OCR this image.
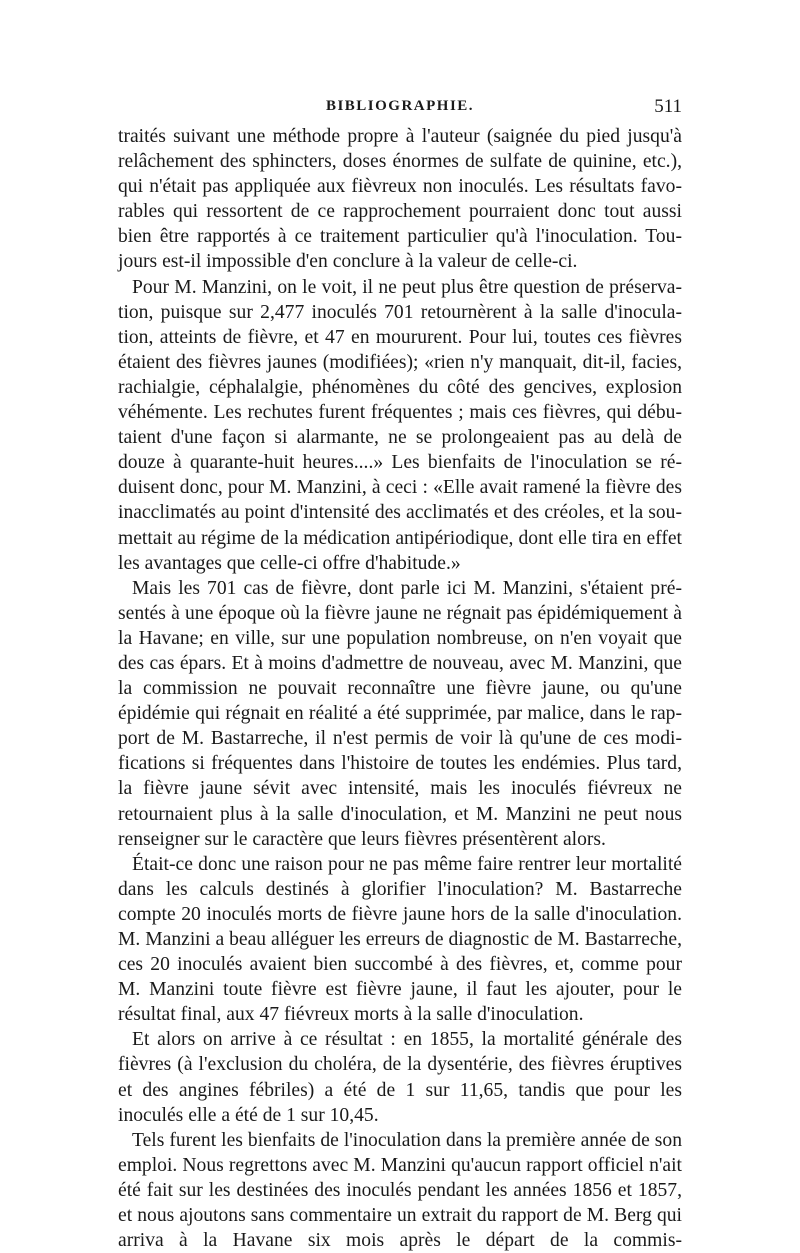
BIBLIOGRAPHIE.	511

traités suivant une méthode propre à l'auteur (saignée du pied jusqu'à relâchement des sphincters, doses énormes de sulfate de quinine, etc.), qui n'était pas appliquée aux fièvreux non inoculés. Les résultats favorables qui ressortent de ce rapprochement pourraient donc tout aussi bien être rapportés à ce traitement particulier qu'à l'inoculation. Toujours est-il impossible d'en conclure à la valeur de celle-ci.

Pour M. Manzini, on le voit, il ne peut plus être question de préservation, puisque sur 2,477 inoculés 701 retournèrent à la salle d'inoculation, atteints de fièvre, et 47 en moururent. Pour lui, toutes ces fièvres étaient des fièvres jaunes (modifiées); «rien n'y manquait, dit-il, facies, rachialgie, céphalalgie, phénomènes du côté des gencives, explosion véhémente. Les rechutes furent fréquentes ; mais ces fièvres, qui débutaient d'une façon si alarmante, ne se prolongeaient pas au delà de douze à quarante-huit heures....» Les bienfaits de l'inoculation se réduisent donc, pour M. Manzini, à ceci : «Elle avait ramené la fièvre des inacclimatés au point d'intensité des acclimatés et des créoles, et la soumettait au régime de la médication antipériodique, dont elle tira en effet les avantages que celle-ci offre d'habitude.»

Mais les 701 cas de fièvre, dont parle ici M. Manzini, s'étaient présentés à une époque où la fièvre jaune ne régnait pas épidémiquement à la Havane; en ville, sur une population nombreuse, on n'en voyait que des cas épars. Et à moins d'admettre de nouveau, avec M. Manzini, que la commission ne pouvait reconnaître une fièvre jaune, ou qu'une épidémie qui régnait en réalité a été supprimée, par malice, dans le rapport de M. Bastarreche, il n'est permis de voir là qu'une de ces modifications si fréquentes dans l'histoire de toutes les endémies. Plus tard, la fièvre jaune sévit avec intensité, mais les inoculés fiévreux ne retournaient plus à la salle d'inoculation, et M. Manzini ne peut nous renseigner sur le caractère que leurs fièvres présentèrent alors.

Était-ce donc une raison pour ne pas même faire rentrer leur mortalité dans les calculs destinés à glorifier l'inoculation? M. Bastarreche compte 20 inoculés morts de fièvre jaune hors de la salle d'inoculation. M. Manzini a beau alléguer les erreurs de diagnostic de M. Bastarreche, ces 20 inoculés avaient bien succombé à des fièvres, et, comme pour M. Manzini toute fièvre est fièvre jaune, il faut les ajouter, pour le résultat final, aux 47 fiévreux morts à la salle d'inoculation.

Et alors on arrive à ce résultat : en 1855, la mortalité générale des fièvres (à l'exclusion du choléra, de la dysentérie, des fièvres éruptives et des angines fébriles) a été de 1 sur 11,65, tandis que pour les inoculés elle a été de 1 sur 10,45.

Tels furent les bienfaits de l'inoculation dans la première année de son emploi. Nous regrettons avec M. Manzini qu'aucun rapport officiel n'ait été fait sur les destinées des inoculés pendant les années 1856 et 1857, et nous ajoutons sans commentaire un extrait du rapport de M. Berg qui arriva à la Havane six mois après le départ de la commis-
